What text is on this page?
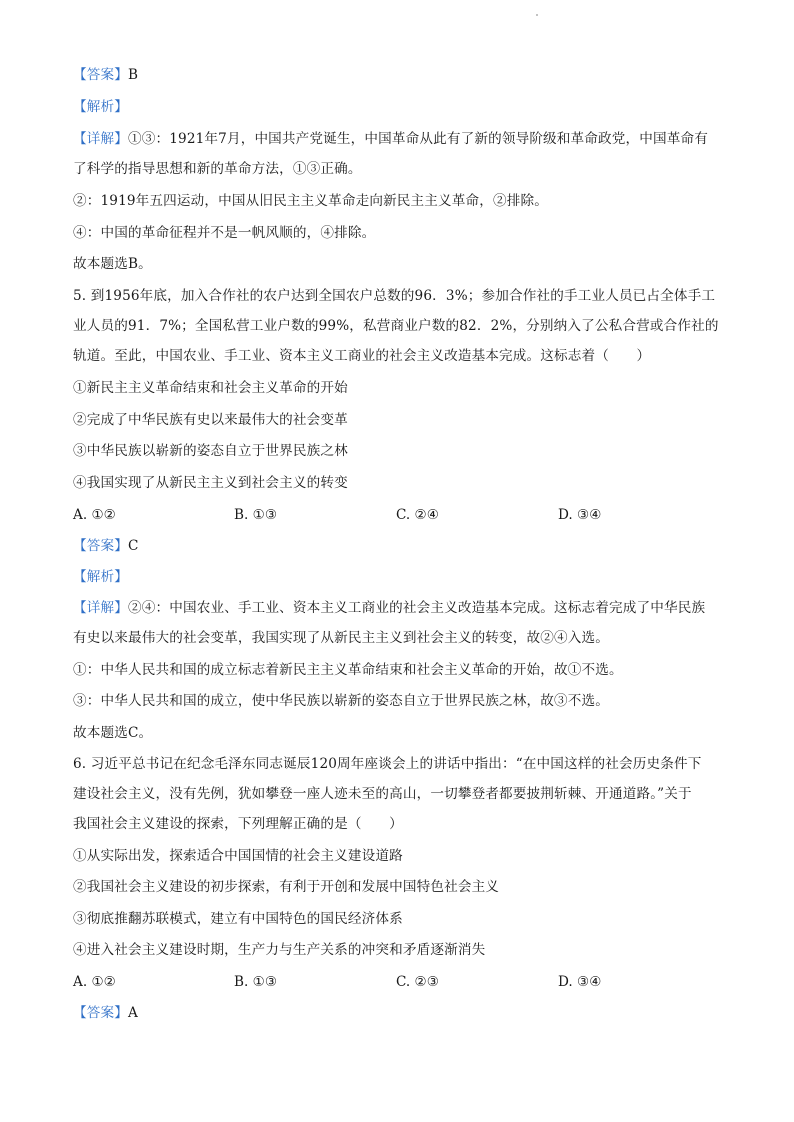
【答案】B
【解析】
【详解】①③：1921年7月，中国共产党诞生，中国革命从此有了新的领导阶级和革命政党，中国革命有
了科学的指导思想和新的革命方法，①③正确。
②：1919年五四运动，中国从旧民主主义革命走向新民主主义革命，②排除。
④：中国的革命征程并不是一帆风顺的，④排除。
故本题选B。
5. 到1956年底，加入合作社的农户达到全国农户总数的96．3%；参加合作社的手工业人员已占全体手工
业人员的91．7%；全国私营工业户数的99%，私营商业户数的82．2%，分别纳入了公私合营或合作社的
轨道。至此，中国农业、手工业、资本主义工商业的社会主义改造基本完成。这标志着（　　）
①新民主主义革命结束和社会主义革命的开始
②完成了中华民族有史以来最伟大的社会变革
③中华民族以崭新的姿态自立于世界民族之林
④我国实现了从新民主主义到社会主义的转变
A. ①②	B. ①③	C. ②④	D. ③④
【答案】C
【解析】
【详解】②④：中国农业、手工业、资本主义工商业的社会主义改造基本完成。这标志着完成了中华民族
有史以来最伟大的社会变革，我国实现了从新民主主义到社会主义的转变，故②④入选。
①：中华人民共和国的成立标志着新民主主义革命结束和社会主义革命的开始，故①不选。
③：中华人民共和国的成立，使中华民族以崭新的姿态自立于世界民族之林，故③不选。
故本题选C。
6. 习近平总书记在纪念毛泽东同志诞辰120周年座谈会上的讲话中指出：“在中国这样的社会历史条件下
建设社会主义，没有先例，犹如攀登一座人迹未至的高山，一切攀登者都要披荆斩棘、开通道路。”关于
我国社会主义建设的探索，下列理解正确的是（　　）
①从实际出发，探索适合中国国情的社会主义建设道路
②我国社会主义建设的初步探索，有利于开创和发展中国特色社会主义
③彻底推翻苏联模式，建立有中国特色的国民经济体系
④进入社会主义建设时期，生产力与生产关系的冲突和矛盾逐渐消失
A. ①②	B. ①③	C. ②③	D. ③④
【答案】A
